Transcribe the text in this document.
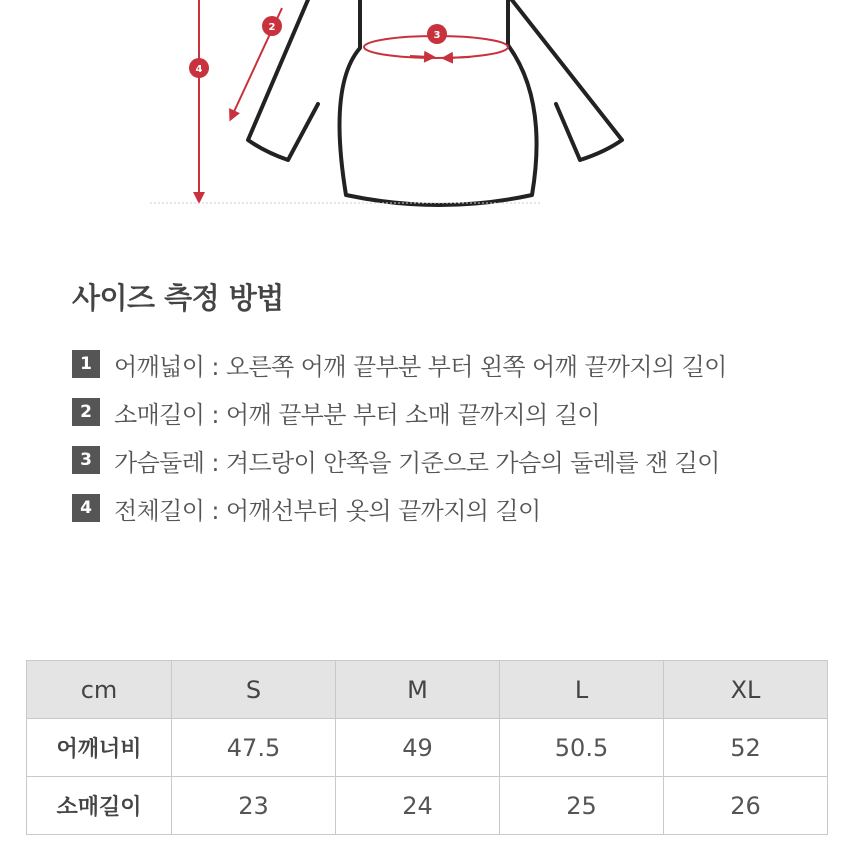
2
3
4
사이즈 측정 방법
1 어깨넓이 : 오른쪽 어깨 끝부분 부터 왼쪽 어깨 끝까지의 길이
2 소매길이 : 어깨 끝부분 부터 소매 끝까지의 길이
3 가슴둘레 : 겨드랑이 안쪽을 기준으로 가슴의 둘레를 잰 길이
4 전체길이 : 어깨선부터 옷의 끝까지의 길이
cm	S	M	L	XL
어깨너비	47.5	49	50.5	52
소매길이	23	24	25	26
